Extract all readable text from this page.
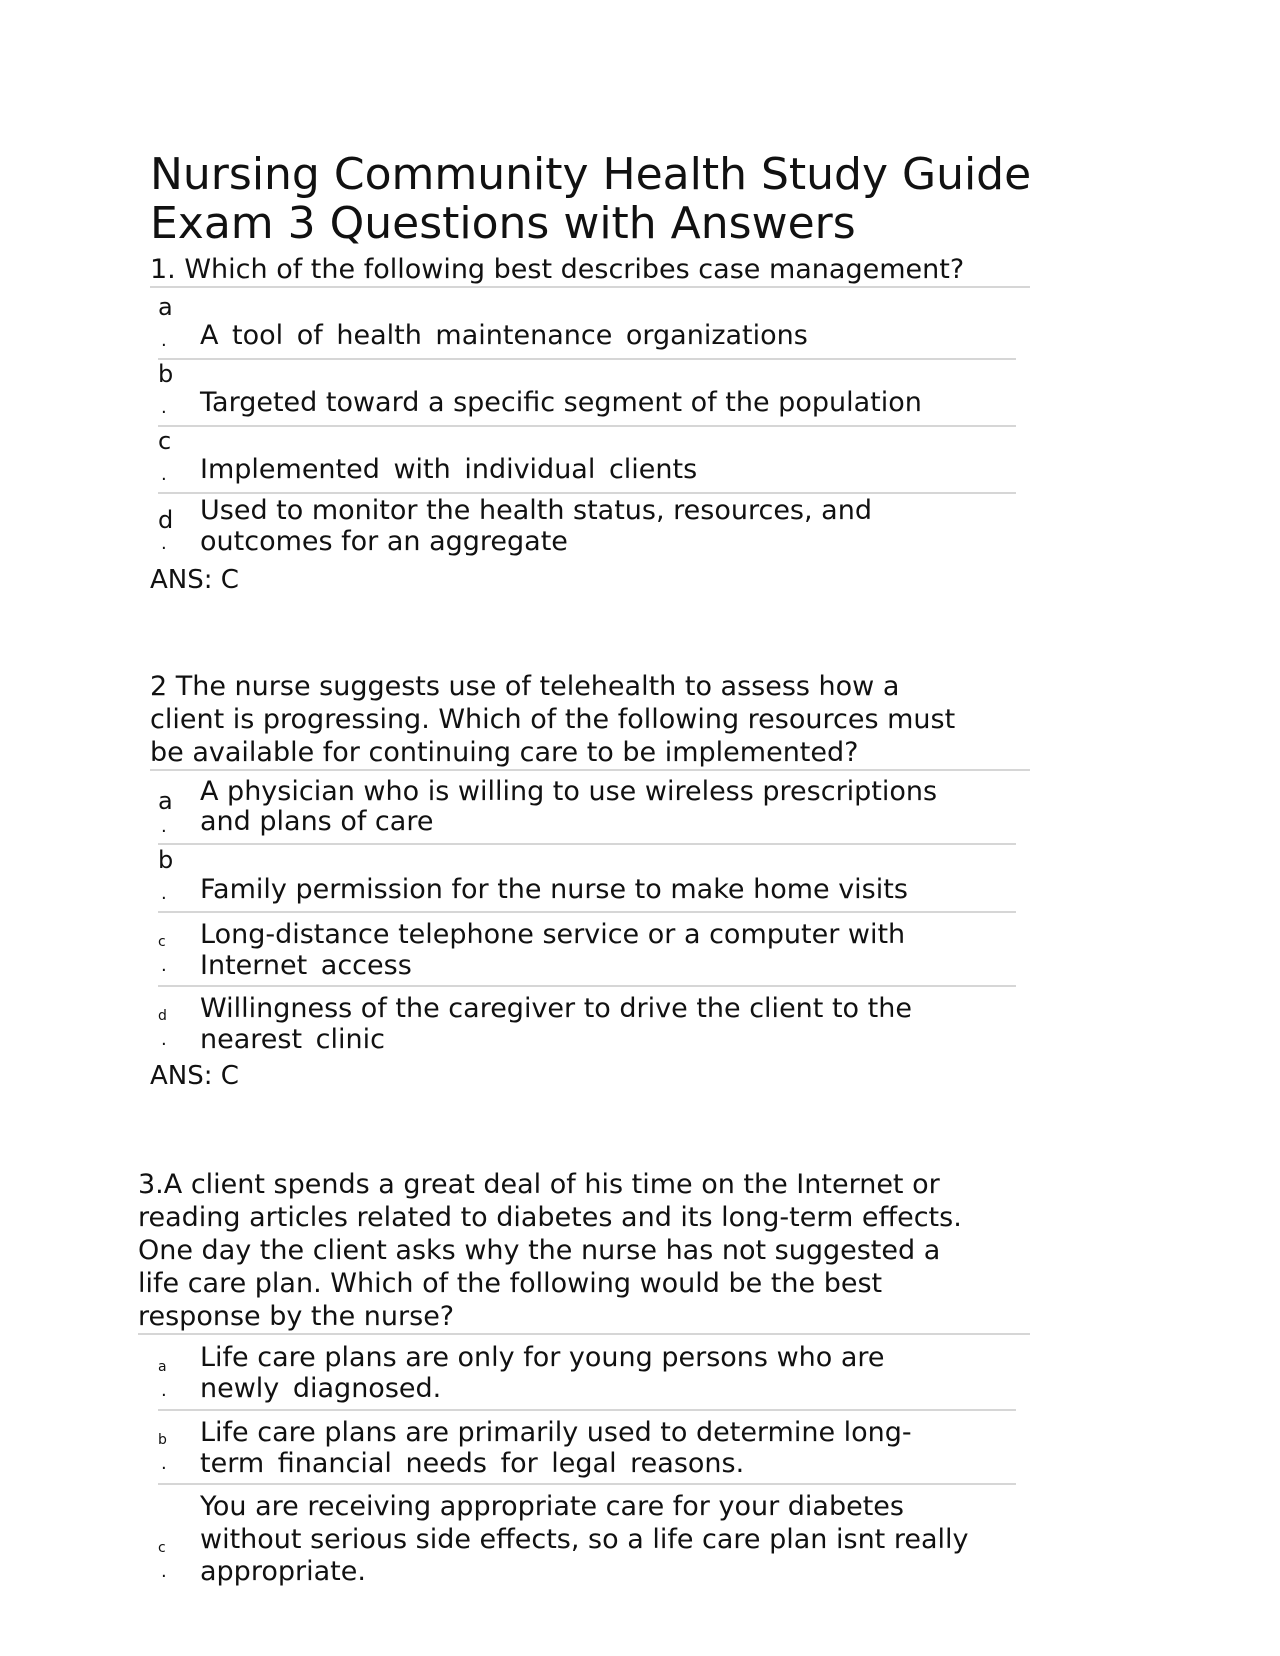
Nursing Community Health Study Guide
Exam 3 Questions with Answers

1. Which of the following best describes case management?

a
. A tool of health maintenance organizations
b
. Targeted toward a specific segment of the population
c
. Implemented with individual clients
d
.
Used to monitor the health status, resources, and
outcomes for an aggregate

ANS: C

2 The nurse suggests use of telehealth to assess how a
client is progressing. Which of the following resources must
be available for continuing care to be implemented?
a
.
A physician who is willing to use wireless prescriptions
and plans of care
b
. Family permission for the nurse to make home visits
c
.
Long-distance telephone service or a computer with
Internet access
d
.
Willingness of the caregiver to drive the client to the
nearest clinic

ANS: C

3.A client spends a great deal of his time on the Internet or
reading articles related to diabetes and its long-term effects.
One day the client asks why the nurse has not suggested a
life care plan. Which of the following would be the best
response by the nurse?
a
.
Life care plans are only for young persons who are
newly diagnosed.
b
.
Life care plans are primarily used to determine long-
term financial needs for legal reasons.
c
.
You are receiving appropriate care for your diabetes
without serious side effects, so a life care plan isnt really
appropriate.
